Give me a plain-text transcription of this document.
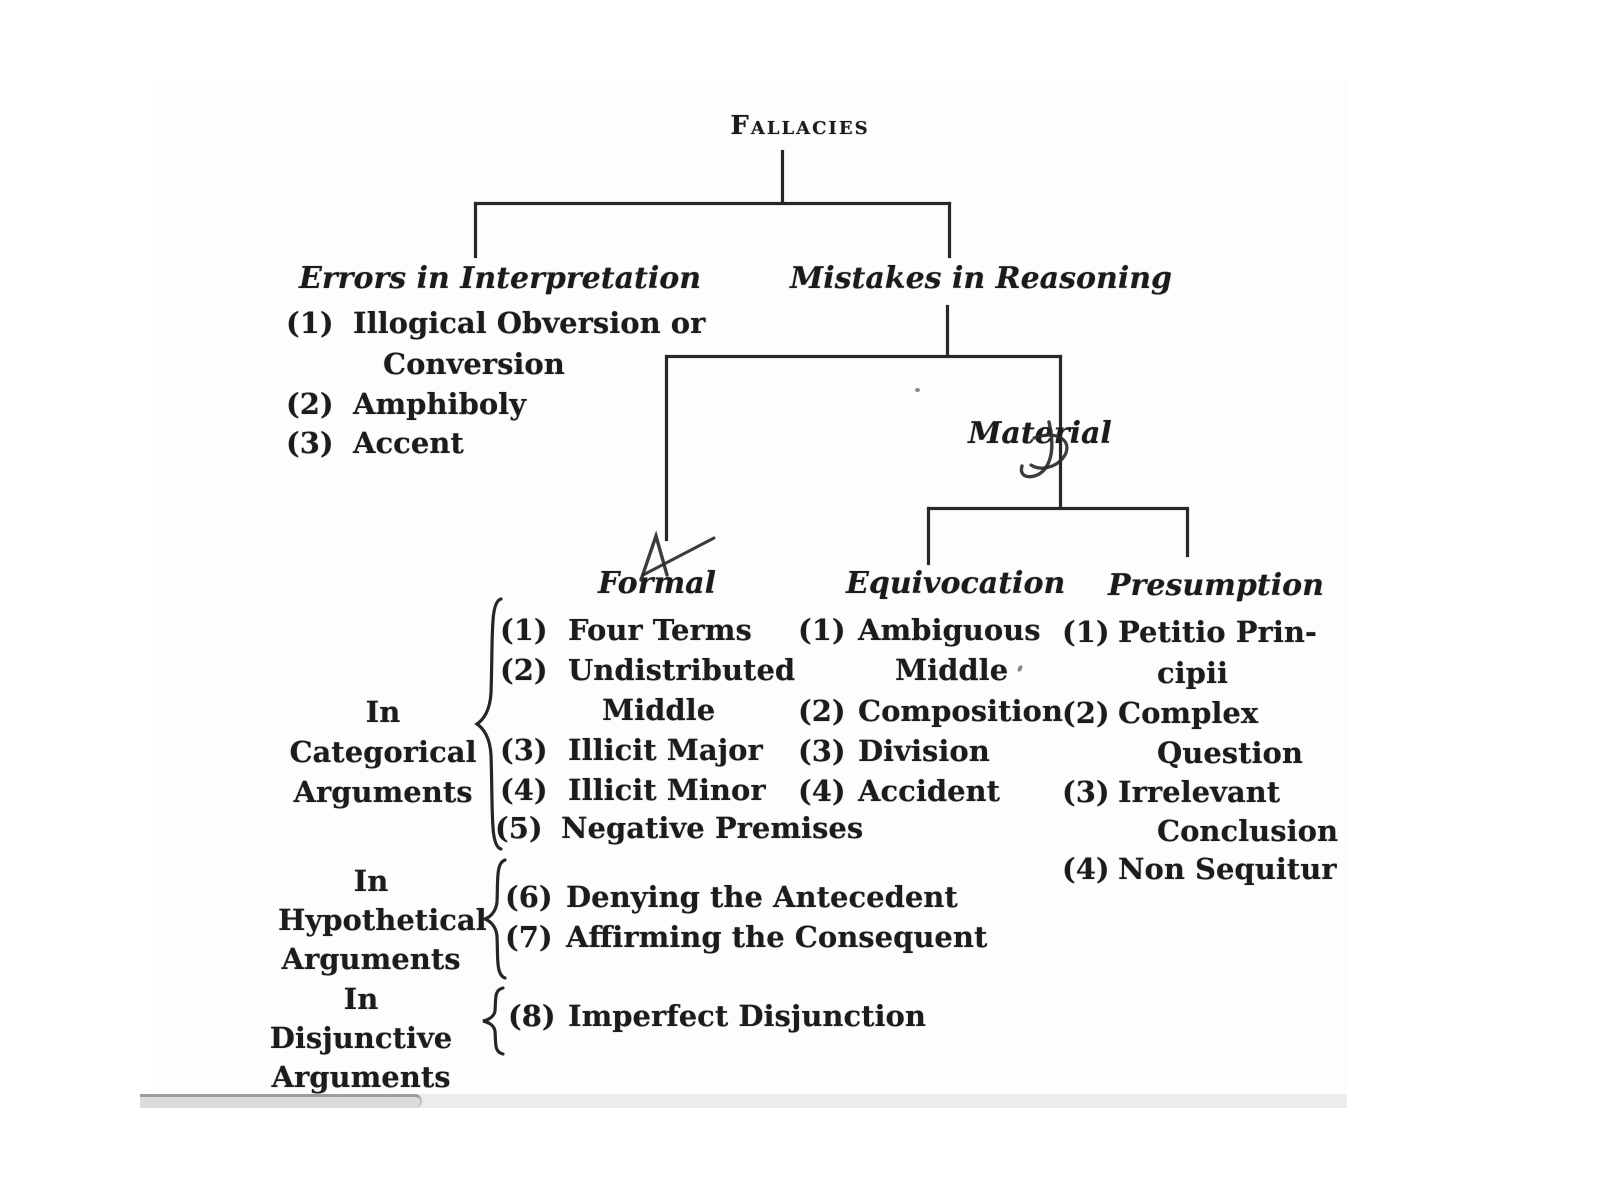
Fallacies
Errors in Interpretation
(1) Illogical Obversion or
Conversion
(2) Amphiboly
(3) Accent
Mistakes in Reasoning
Material
Formal	Equivocation Presumption
In Categorical
Arguments
(1) Four Terms
(2) Undistributed
Middle
(3) Illicit Major
(4) Illicit Minor
(5) Negative Premises
In
Hypothetical
Arguments
(6) Denying the Antecedent
(7) Affirming the Consequent
In Disjunctive
Arguments
(8) Imperfect Disjunction
(1) Ambiguous
Middle
(2) Composition
(3) Division
(4) Accident
(1) Petitio Prin-
cipii
(2) Complex
Question
(3) Irrelevant
Conclusion
(4) Non Sequitur
